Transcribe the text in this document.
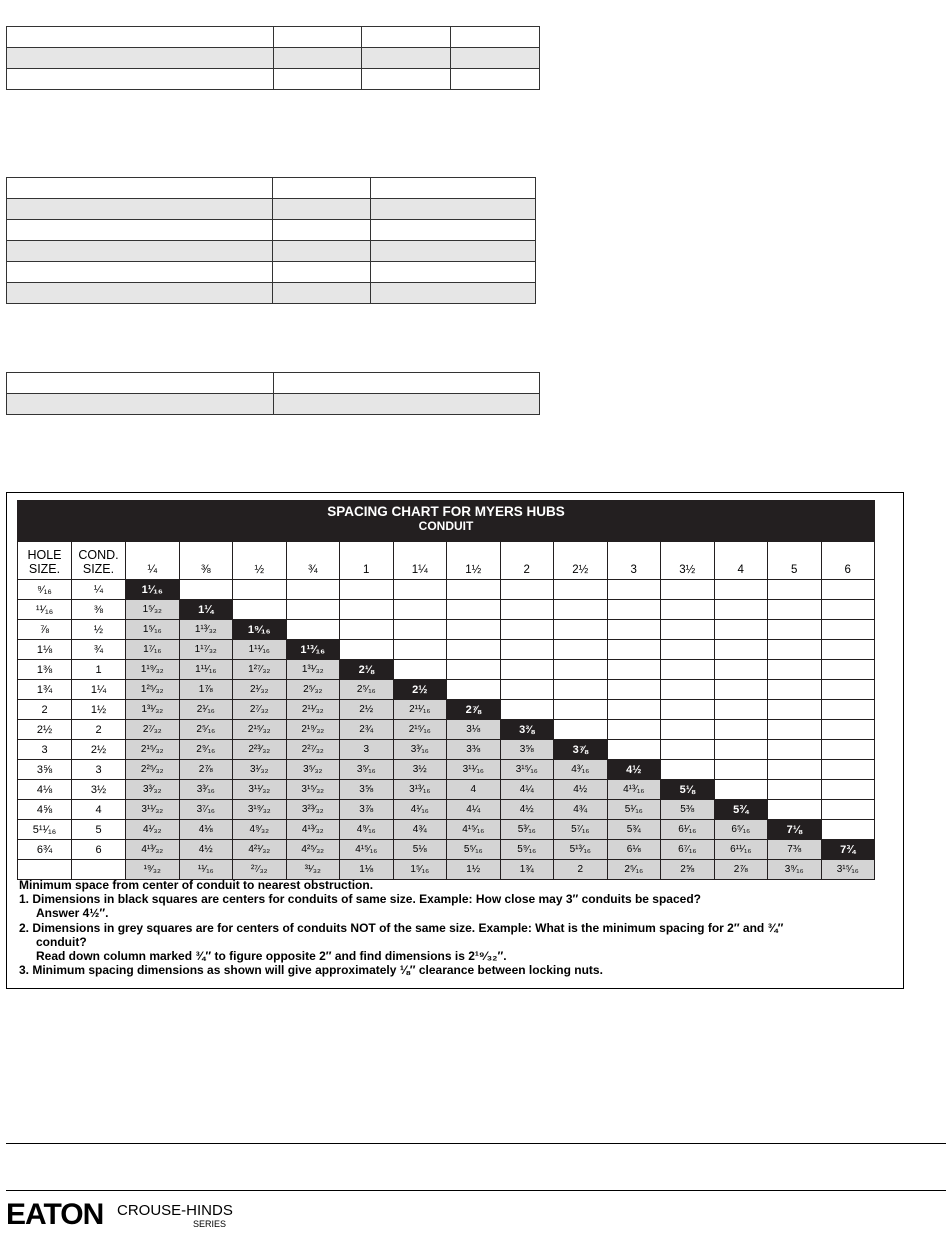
SPACING CHART FOR MYERS HUBS
CONDUIT
HOLE SIZE.	COND. SIZE.	¼	⅜	½	¾	1	1¼	1½	2	2½	3	3½	4	5	6
⁹⁄₁₆	¼	1¹⁄₁₆													
¹¹⁄₁₆	⅜	1⁵⁄₃₂	1¼												
⅞	½	1⁵⁄₁₆	1¹³⁄₃₂	1⁹⁄₁₆											
1⅛	¾	1⁷⁄₁₆	1¹⁷⁄₃₂	1¹¹⁄₁₆	1¹³⁄₁₆										
1⅜	1	1¹⁹⁄₃₂	1¹¹⁄₁₆	1²⁷⁄₃₂	1³¹⁄₃₂	2⅛									
1¾	1¼	1²⁵⁄₃₂	1⅞	2¹⁄₃₂	2⁵⁄₃₂	2⁵⁄₁₆	2½								
2	1½	1³¹⁄₃₂	2¹⁄₁₆	2⁷⁄₃₂	2¹¹⁄₃₂	2½	2¹¹⁄₁₆	2⅞							
2½	2	2⁷⁄₃₂	2⁵⁄₁₆	2¹⁵⁄₃₂	2¹⁹⁄₃₂	2¾	2¹⁵⁄₁₆	3⅛	3⅜						
3	2½	2¹⁵⁄₃₂	2⁹⁄₁₆	2²³⁄₃₂	2²⁷⁄₃₂	3	3³⁄₁₆	3⅜	3⅝	3⅞					
3⅝	3	2²⁵⁄₃₂	2⅞	3¹⁄₃₂	3⁵⁄₃₂	3⁵⁄₁₆	3½	3¹¹⁄₁₆	3¹⁵⁄₁₆	4³⁄₁₆	4½				
4⅛	3½	3³⁄₃₂	3³⁄₁₆	3¹¹⁄₃₂	3¹⁵⁄₃₂	3⅝	3¹³⁄₁₆	4	4¼	4½	4¹³⁄₁₆	5⅛			
4⅝	4	3¹¹⁄₃₂	3⁷⁄₁₆	3¹⁹⁄₃₂	3²³⁄₃₂	3⅞	4¹⁄₁₆	4¼	4½	4¾	5¹⁄₁₆	5⅜	5¾		
5¹¹⁄₁₆	5	4¹⁄₃₂	4⅛	4⁹⁄₃₂	4¹³⁄₃₂	4⁹⁄₁₆	4¾	4¹⁵⁄₁₆	5³⁄₁₆	5⁷⁄₁₆	5¾	6¹⁄₁₆	6⁵⁄₁₆	7⅛	
6¾	6	4¹³⁄₃₂	4½	4²¹⁄₃₂	4²⁵⁄₃₂	4¹⁵⁄₁₆	5⅛	5⁵⁄₁₆	5⁹⁄₁₆	5¹³⁄₁₆	6⅛	6⁷⁄₁₆	6¹¹⁄₁₆	7⅜	7¾
		¹⁹⁄₃₂	¹¹⁄₁₆	²⁷⁄₃₂	³¹⁄₃₂	1⅛	1⁵⁄₁₆	1½	1¾	2	2⁵⁄₁₆	2⅝	2⅞	3⁹⁄₁₆	3¹⁵⁄₁₆
Minimum space from center of conduit to nearest obstruction.
1. Dimensions in black squares are centers for conduits of same size. Example: How close may 3″ conduits be spaced?
Answer 4½″.
2. Dimensions in grey squares are for centers of conduits NOT of the same size. Example: What is the minimum spacing for 2″ and ¾″
conduit?
Read down column marked ¾″ to figure opposite 2″ and find dimensions is 2¹⁹⁄₃₂″.
3. Minimum spacing dimensions as shown will give approximately ⅛″ clearance between locking nuts.
EATON CROUSE-HINDS
SERIES
